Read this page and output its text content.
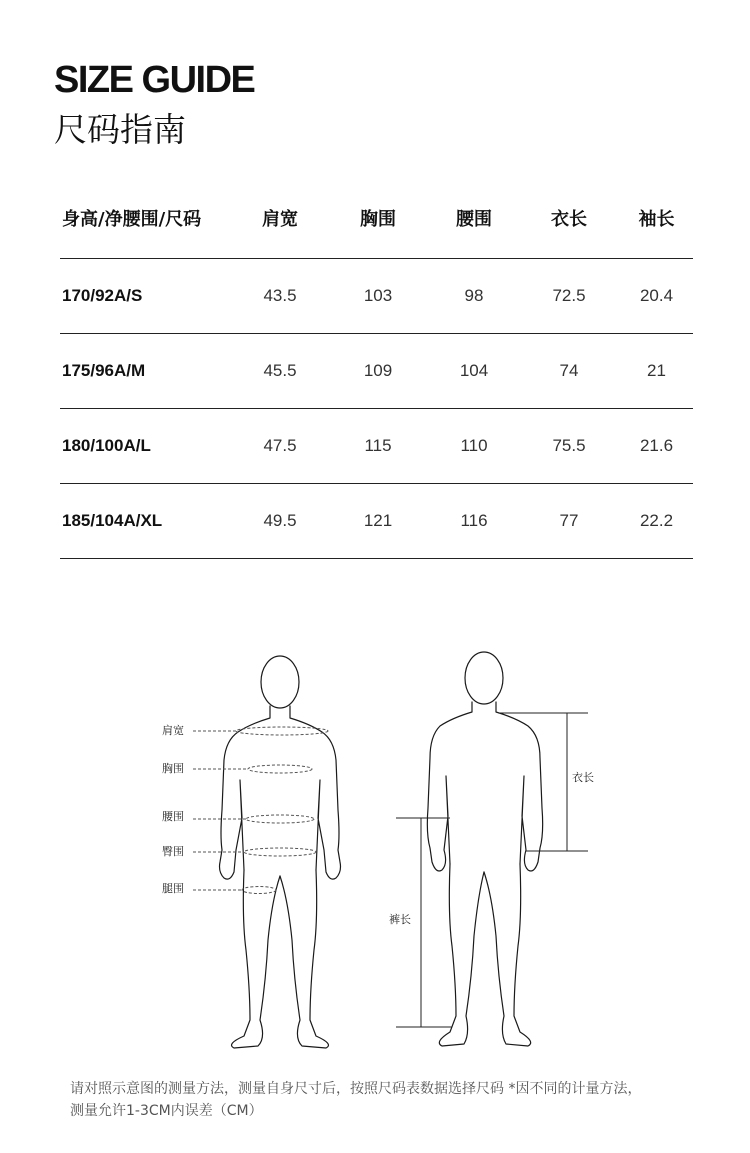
SIZE GUIDE
尺码指南
身高/净腰围/尺码	肩宽	胸围	腰围	衣长	袖长
170/92A/S	43.5	103	98	72.5	20.4
175/96A/M	45.5	109	104	74	21
180/100A/L	47.5	115	110	75.5	21.6
185/104A/XL	49.5	121	116	77	22.2
肩宽
胸围
腰围
臀围
腿围
衣长
裤长

请对照示意图的测量方法，测量自身尺寸后，按照尺码表数据选择尺码 *因不同的计量方法，
测量允许1-3CM内误差（CM）
